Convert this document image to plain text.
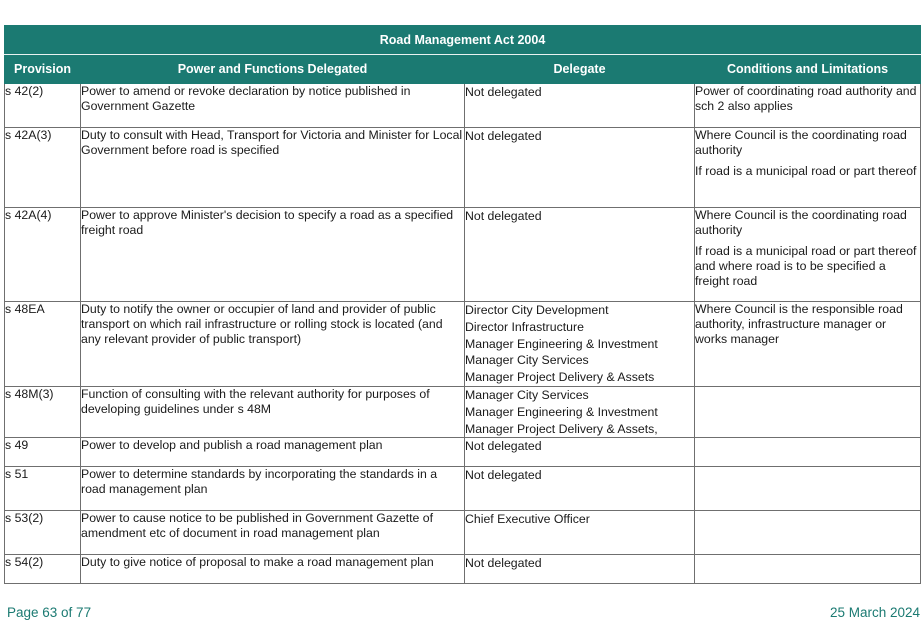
Road Management Act 2004			
Provision	Power and Functions Delegated	Delegate	Conditions and Limitations
s 42(2)	Power to amend or revoke declaration by notice published in Government Gazette	Not delegated	Power of coordinating road authority and sch 2 also applies

s 42A(3)	Duty to consult with Head, Transport for Victoria and Minister for Local Government before road is specified	Not delegated	Where Council is the coordinating road authority
If road is a municipal road or part thereof

s 42A(4)	Power to approve Minister's decision to specify a road as a specified freight road	Not delegated	Where Council is the coordinating road authority
If road is a municipal road or part thereof and where road is to be specified a freight road

s 48EA	Duty to notify the owner or occupier of land and provider of public transport on which rail infrastructure or rolling stock is located (and any relevant provider of public transport)	Director City Development
Director Infrastructure
Manager Engineering & Investment
Manager City Services
Manager Project Delivery & Assets	Where Council is the responsible road authority, infrastructure manager or works manager

s 48M(3)	Function of consulting with the relevant authority for purposes of developing guidelines under s 48M	Manager City Services
Manager Engineering & Investment
Manager Project Delivery & Assets,	

s 49	Power to develop and publish a road management plan	Not delegated	

s 51	Power to determine standards by incorporating the standards in a road management plan	Not delegated	

s 53(2)	Power to cause notice to be published in Government Gazette of amendment etc of document in road management plan	Chief Executive Officer	

s 54(2)	Duty to give notice of proposal to make a road management plan	Not delegated	

Page 63 of 77	25 March 2024
